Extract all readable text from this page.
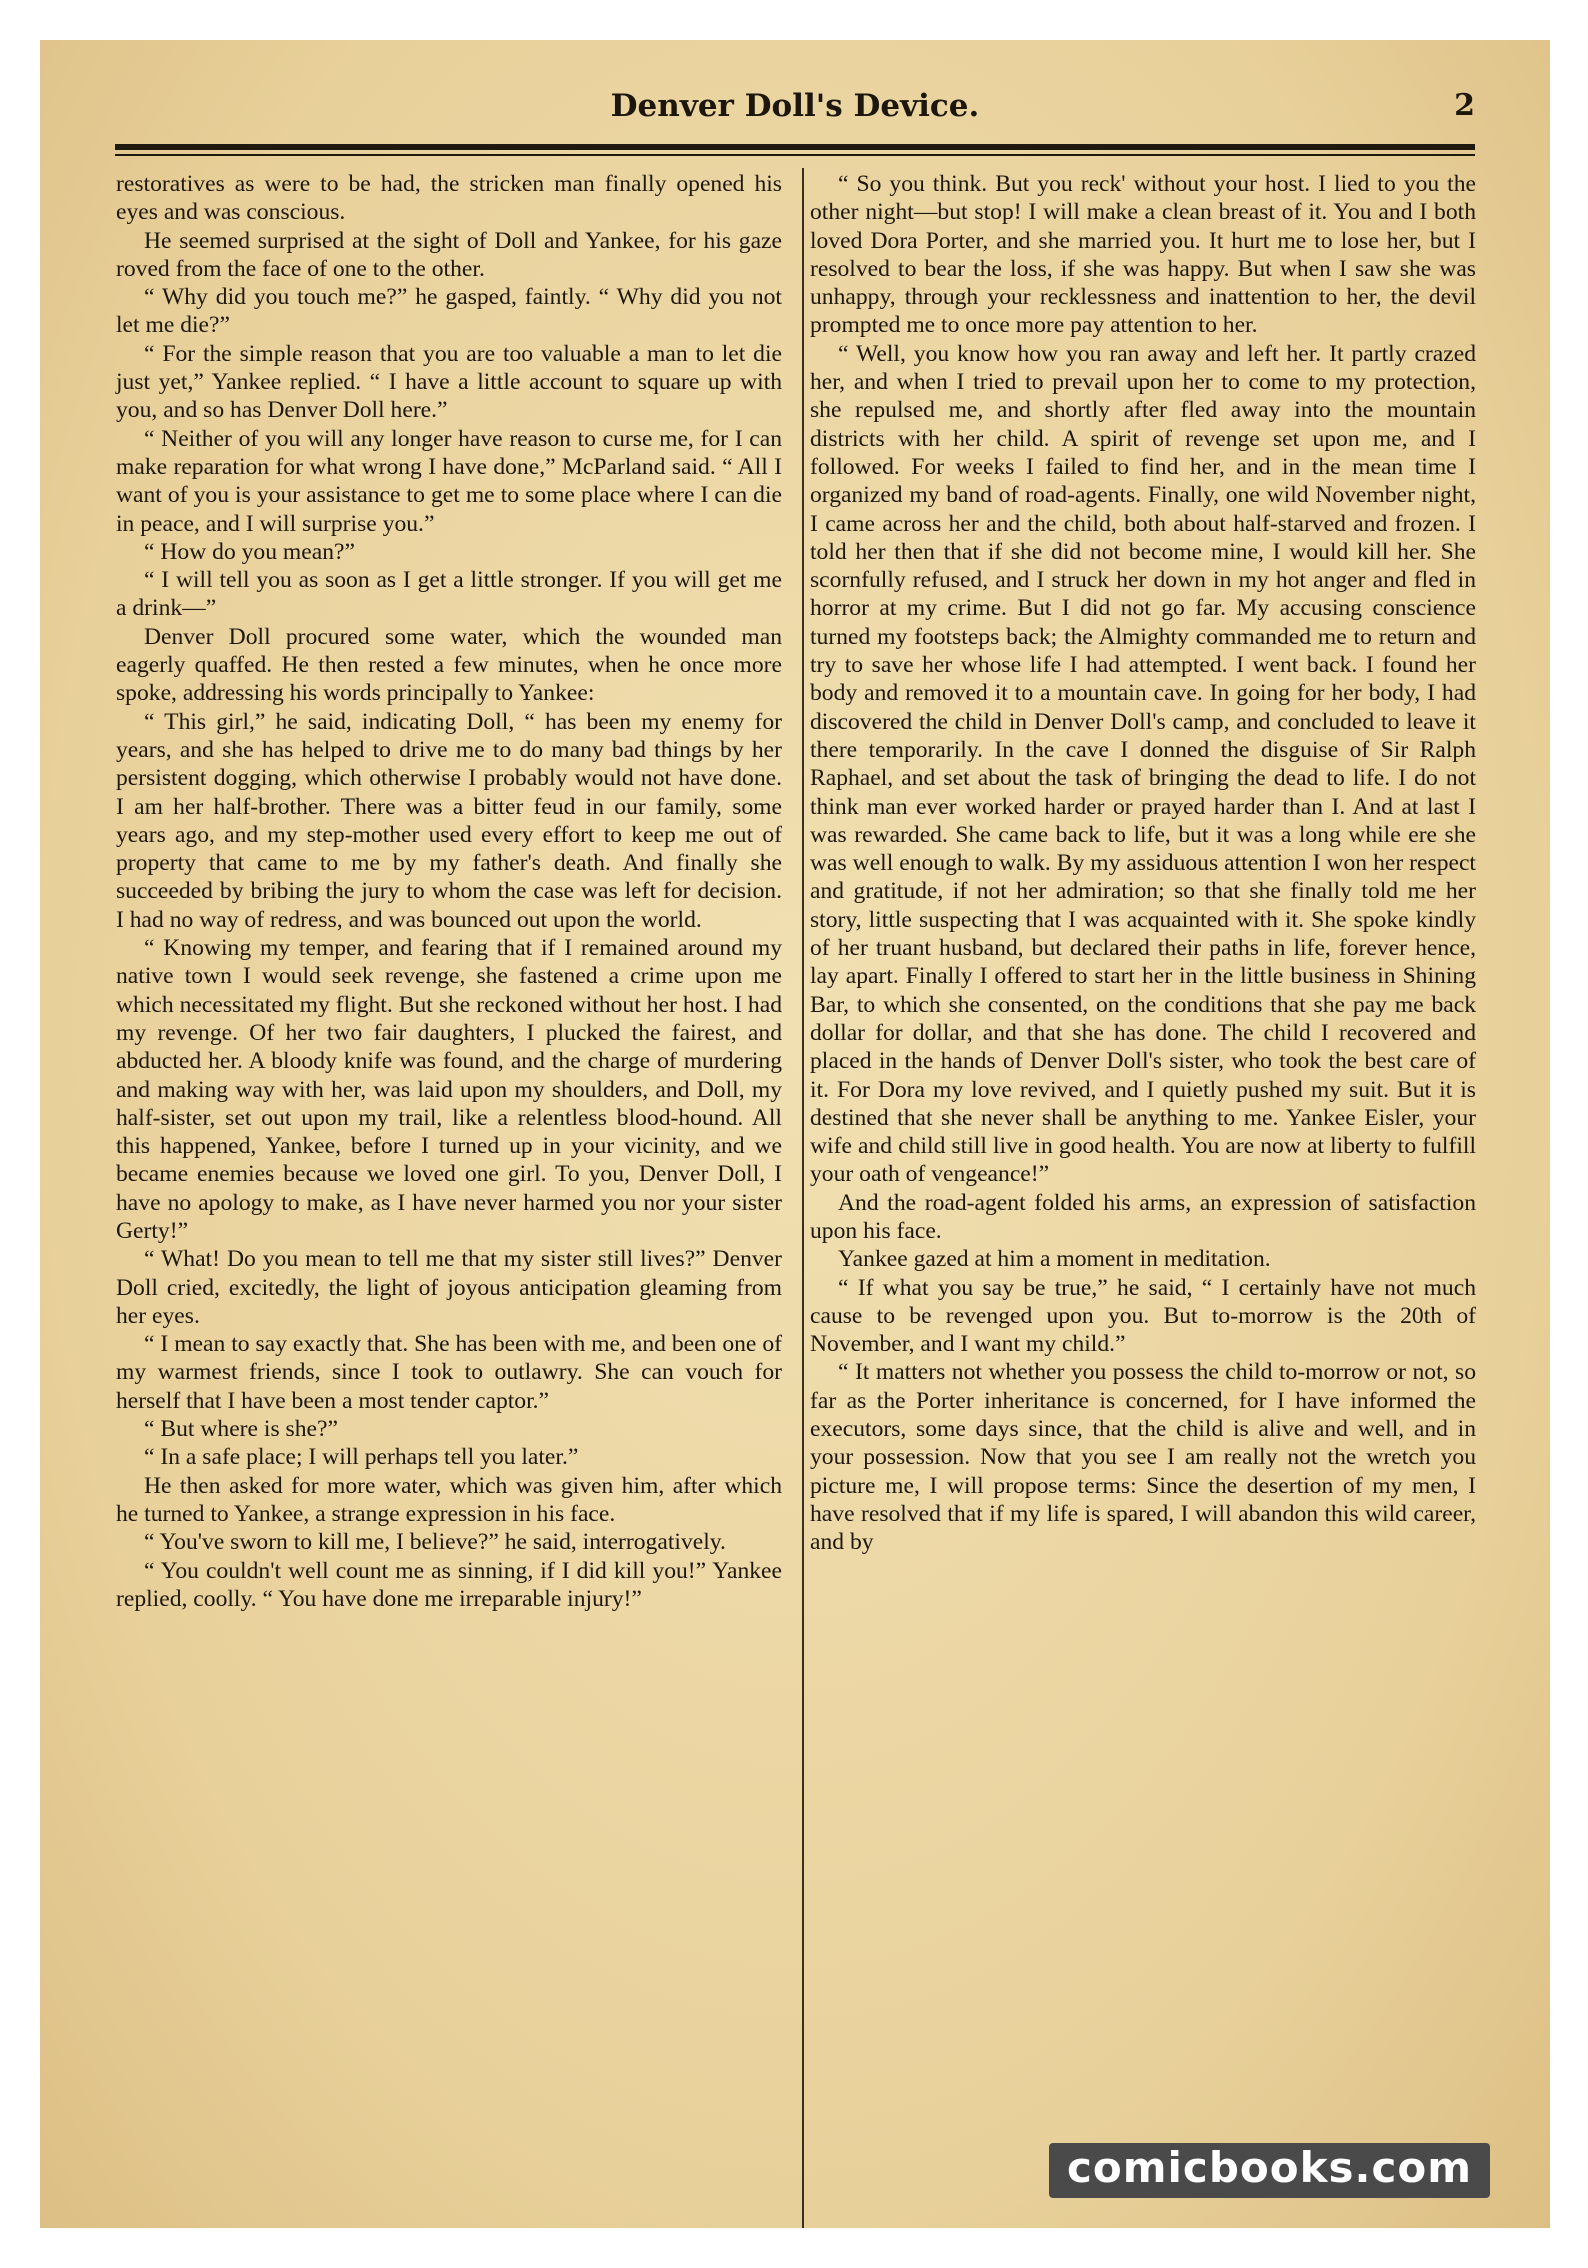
Denver Doll's Device.	2

restoratives as were to be had, the stricken man finally opened his eyes and was conscious.

He seemed surprised at the sight of Doll and Yankee, for his gaze roved from the face of one to the other.

“ Why did you touch me?” he gasped, faintly. “ Why did you not let me die?”

“ For the simple reason that you are too valuable a man to let die just yet,” Yankee replied. “ I have a little account to square up with you, and so has Denver Doll here.”

“ Neither of you will any longer have reason to curse me, for I can make reparation for what wrong I have done,” McParland said. “ All I want of you is your assistance to get me to some place where I can die in peace, and I will surprise you.”

“ How do you mean?”

“ I will tell you as soon as I get a little stronger. If you will get me a drink—”

Denver Doll procured some water, which the wounded man eagerly quaffed. He then rested a few minutes, when he once more spoke, addressing his words principally to Yankee:

“ This girl,” he said, indicating Doll, “ has been my enemy for years, and she has helped to drive me to do many bad things by her persistent dogging, which otherwise I probably would not have done. I am her half-brother. There was a bitter feud in our family, some years ago, and my step-mother used every effort to keep me out of property that came to me by my father's death. And finally she succeeded by bribing the jury to whom the case was left for decision. I had no way of redress, and was bounced out upon the world.

“ Knowing my temper, and fearing that if I remained around my native town I would seek revenge, she fastened a crime upon me which necessitated my flight. But she reckoned without her host. I had my revenge. Of her two fair daughters, I plucked the fairest, and abducted her. A bloody knife was found, and the charge of murdering and making way with her, was laid upon my shoulders, and Doll, my half-sister, set out upon my trail, like a relentless blood-hound. All this happened, Yankee, before I turned up in your vicinity, and we became enemies because we loved one girl. To you, Denver Doll, I have no apology to make, as I have never harmed you nor your sister Gerty!”

“ What! Do you mean to tell me that my sister still lives?” Denver Doll cried, excitedly, the light of joyous anticipation gleaming from her eyes.

“ I mean to say exactly that. She has been with me, and been one of my warmest friends, since I took to outlawry. She can vouch for herself that I have been a most tender captor.”

“ But where is she?”

“ In a safe place; I will perhaps tell you later.”

He then asked for more water, which was given him, after which he turned to Yankee, a strange expression in his face.

“ You've sworn to kill me, I believe?” he said, interrogatively.

“ You couldn't well count me as sinning, if I did kill you!” Yankee replied, coolly. “ You have done me irreparable injury!”

“ So you think. But you reck' without your host. I lied to you the other night—but stop! I will make a clean breast of it. You and I both loved Dora Porter, and she married you. It hurt me to lose her, but I resolved to bear the loss, if she was happy. But when I saw she was unhappy, through your recklessness and inattention to her, the devil prompted me to once more pay attention to her.

“ Well, you know how you ran away and left her. It partly crazed her, and when I tried to prevail upon her to come to my protection, she repulsed me, and shortly after fled away into the mountain districts with her child. A spirit of revenge set upon me, and I followed. For weeks I failed to find her, and in the mean time I organized my band of road-agents. Finally, one wild November night, I came across her and the child, both about half-starved and frozen. I told her then that if she did not become mine, I would kill her. She scornfully refused, and I struck her down in my hot anger and fled in horror at my crime. But I did not go far. My accusing conscience turned my footsteps back; the Almighty commanded me to return and try to save her whose life I had attempted. I went back. I found her body and removed it to a mountain cave. In going for her body, I had discovered the child in Denver Doll's camp, and concluded to leave it there temporarily. In the cave I donned the disguise of Sir Ralph Raphael, and set about the task of bringing the dead to life. I do not think man ever worked harder or prayed harder than I. And at last I was rewarded. She came back to life, but it was a long while ere she was well enough to walk. By my assiduous attention I won her respect and gratitude, if not her admiration; so that she finally told me her story, little suspecting that I was acquainted with it. She spoke kindly of her truant husband, but declared their paths in life, forever hence, lay apart. Finally I offered to start her in the little business in Shining Bar, to which she consented, on the conditions that she pay me back dollar for dollar, and that she has done. The child I recovered and placed in the hands of Denver Doll's sister, who took the best care of it. For Dora my love revived, and I quietly pushed my suit. But it is destined that she never shall be anything to me. Yankee Eisler, your wife and child still live in good health. You are now at liberty to fulfill your oath of vengeance!”

And the road-agent folded his arms, an expression of satisfaction upon his face.

Yankee gazed at him a moment in meditation.

“ If what you say be true,” he said, “ I certainly have not much cause to be revenged upon you. But to-morrow is the 20th of November, and I want my child.”

“ It matters not whether you possess the child to-morrow or not, so far as the Porter inheritance is concerned, for I have informed the executors, some days since, that the child is alive and well, and in your possession. Now that you see I am really not the wretch you picture me, I will propose terms: Since the desertion of my men, I have resolved that if my life is spared, I will abandon this wild career, and by

comicbooks.com
